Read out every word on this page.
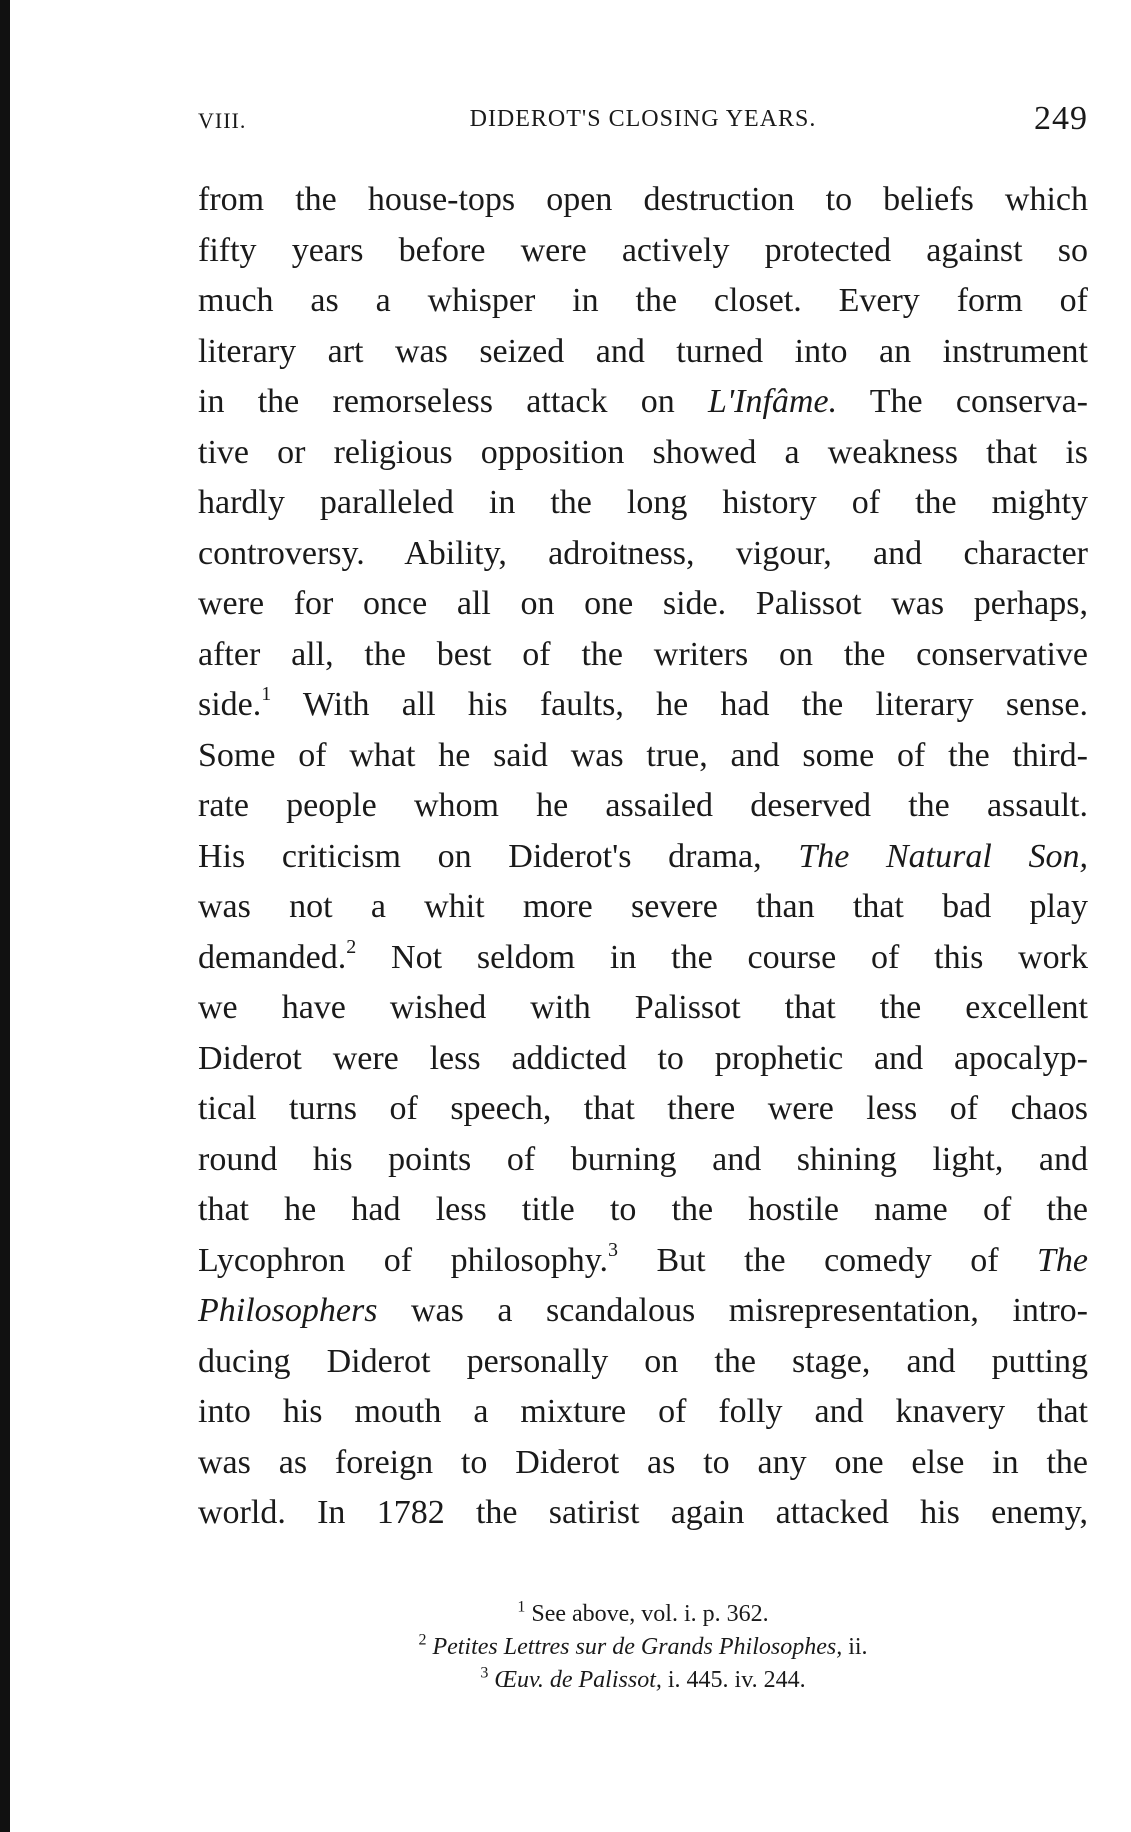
VIII.	DIDEROT'S CLOSING YEARS.	249
from the house-tops open destruction to beliefs which
fifty years before were actively protected against so
much as a whisper in the closet. Every form of
literary art was seized and turned into an instrument
in the remorseless attack on L'Infâme. The conserva-
tive or religious opposition showed a weakness that is
hardly paralleled in the long history of the mighty
controversy. Ability, adroitness, vigour, and character
were for once all on one side. Palissot was perhaps,
after all, the best of the writers on the conservative
side.$^1$ With all his faults, he had the literary sense.
Some of what he said was true, and some of the third-
rate people whom he assailed deserved the assault.
His criticism on Diderot's drama, The Natural Son,
was not a whit more severe than that bad play
demanded.$^2$ Not seldom in the course of this work
we have wished with Palissot that the excellent
Diderot were less addicted to prophetic and apocalyp-
tical turns of speech, that there were less of chaos
round his points of burning and shining light, and
that he had less title to the hostile name of the
Lycophron of philosophy.$^3$ But the comedy of The
Philosophers was a scandalous misrepresentation, intro-
ducing Diderot personally on the stage, and putting
into his mouth a mixture of folly and knavery that
was as foreign to Diderot as to any one else in the
world. In 1782 the satirist again attacked his enemy,
$^1$ See above, vol. i. p. 362.
$^2$ Petites Lettres sur de Grands Philosophes, ii.
$^3$ Œuv. de Palissot, i. 445. iv. 244.
